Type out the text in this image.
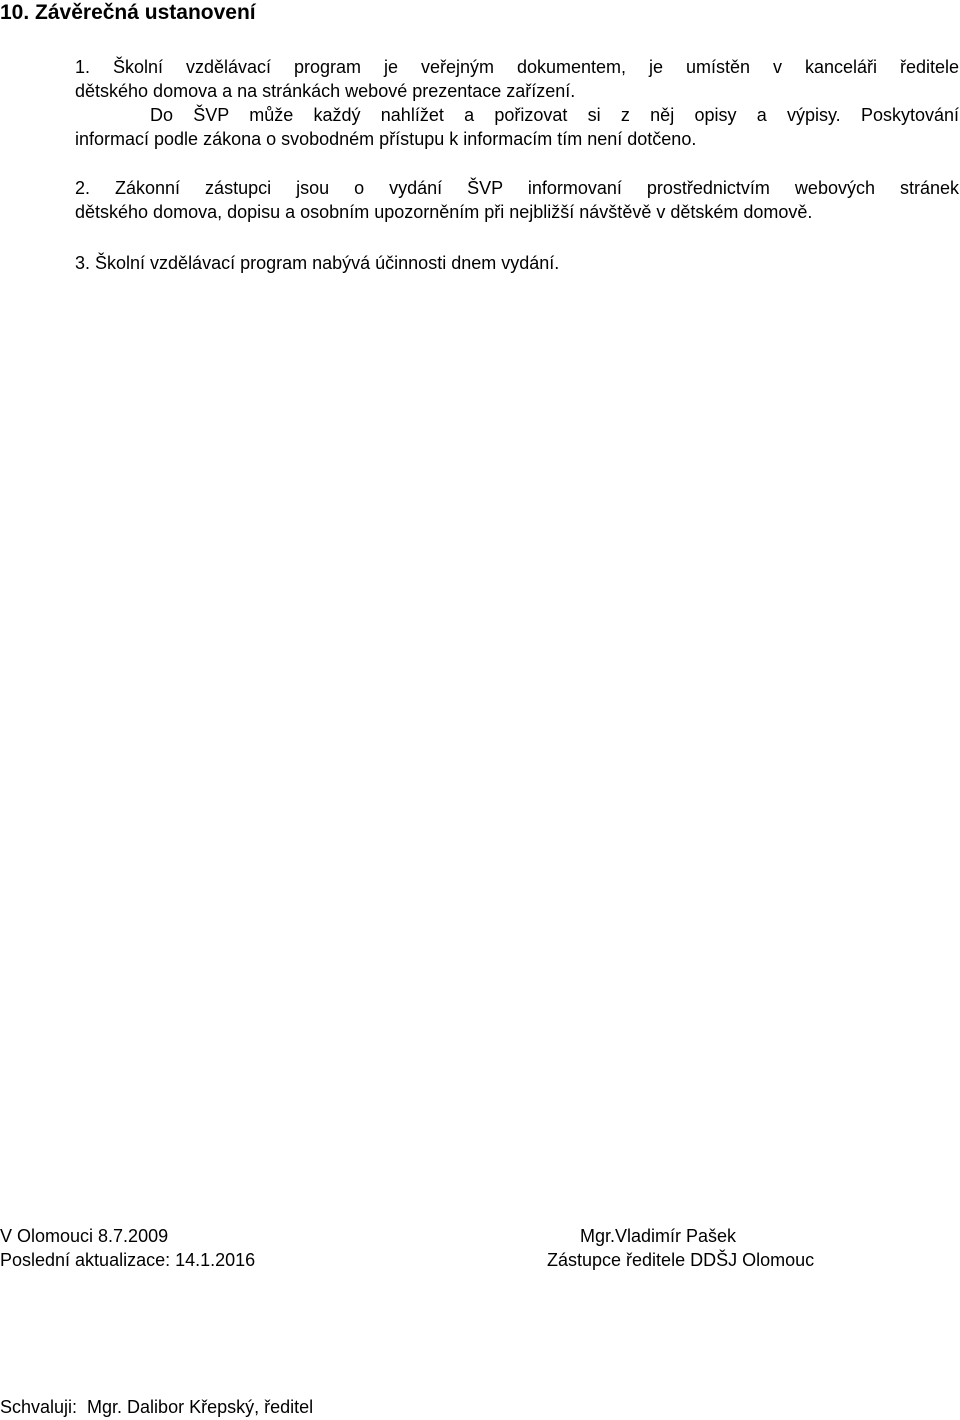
10. Závěrečná ustanovení
1. Školní vzdělávací program je veřejným dokumentem, je umístěn v kanceláři ředitele
dětského domova a na stránkách webové prezentace zařízení.
Do ŠVP může každý nahlížet a pořizovat si z něj opisy a výpisy. Poskytování
informací podle zákona o svobodném přístupu k informacím tím není dotčeno.
2. Zákonní zástupci jsou o vydání ŠVP informovaní prostřednictvím webových stránek
dětského domova, dopisu a osobním upozorněním při nejbližší návštěvě v dětském domově.
3. Školní vzdělávací program nabývá účinnosti dnem vydání.

V Olomouci 8.7.2009

Poslední aktualizace: 14.1.2016

Mgr.Vladimír Pašek

Zástupce ředitele DDŠJ Olomouc

Schvaluji:  Mgr. Dalibor Křepský, ředitel
